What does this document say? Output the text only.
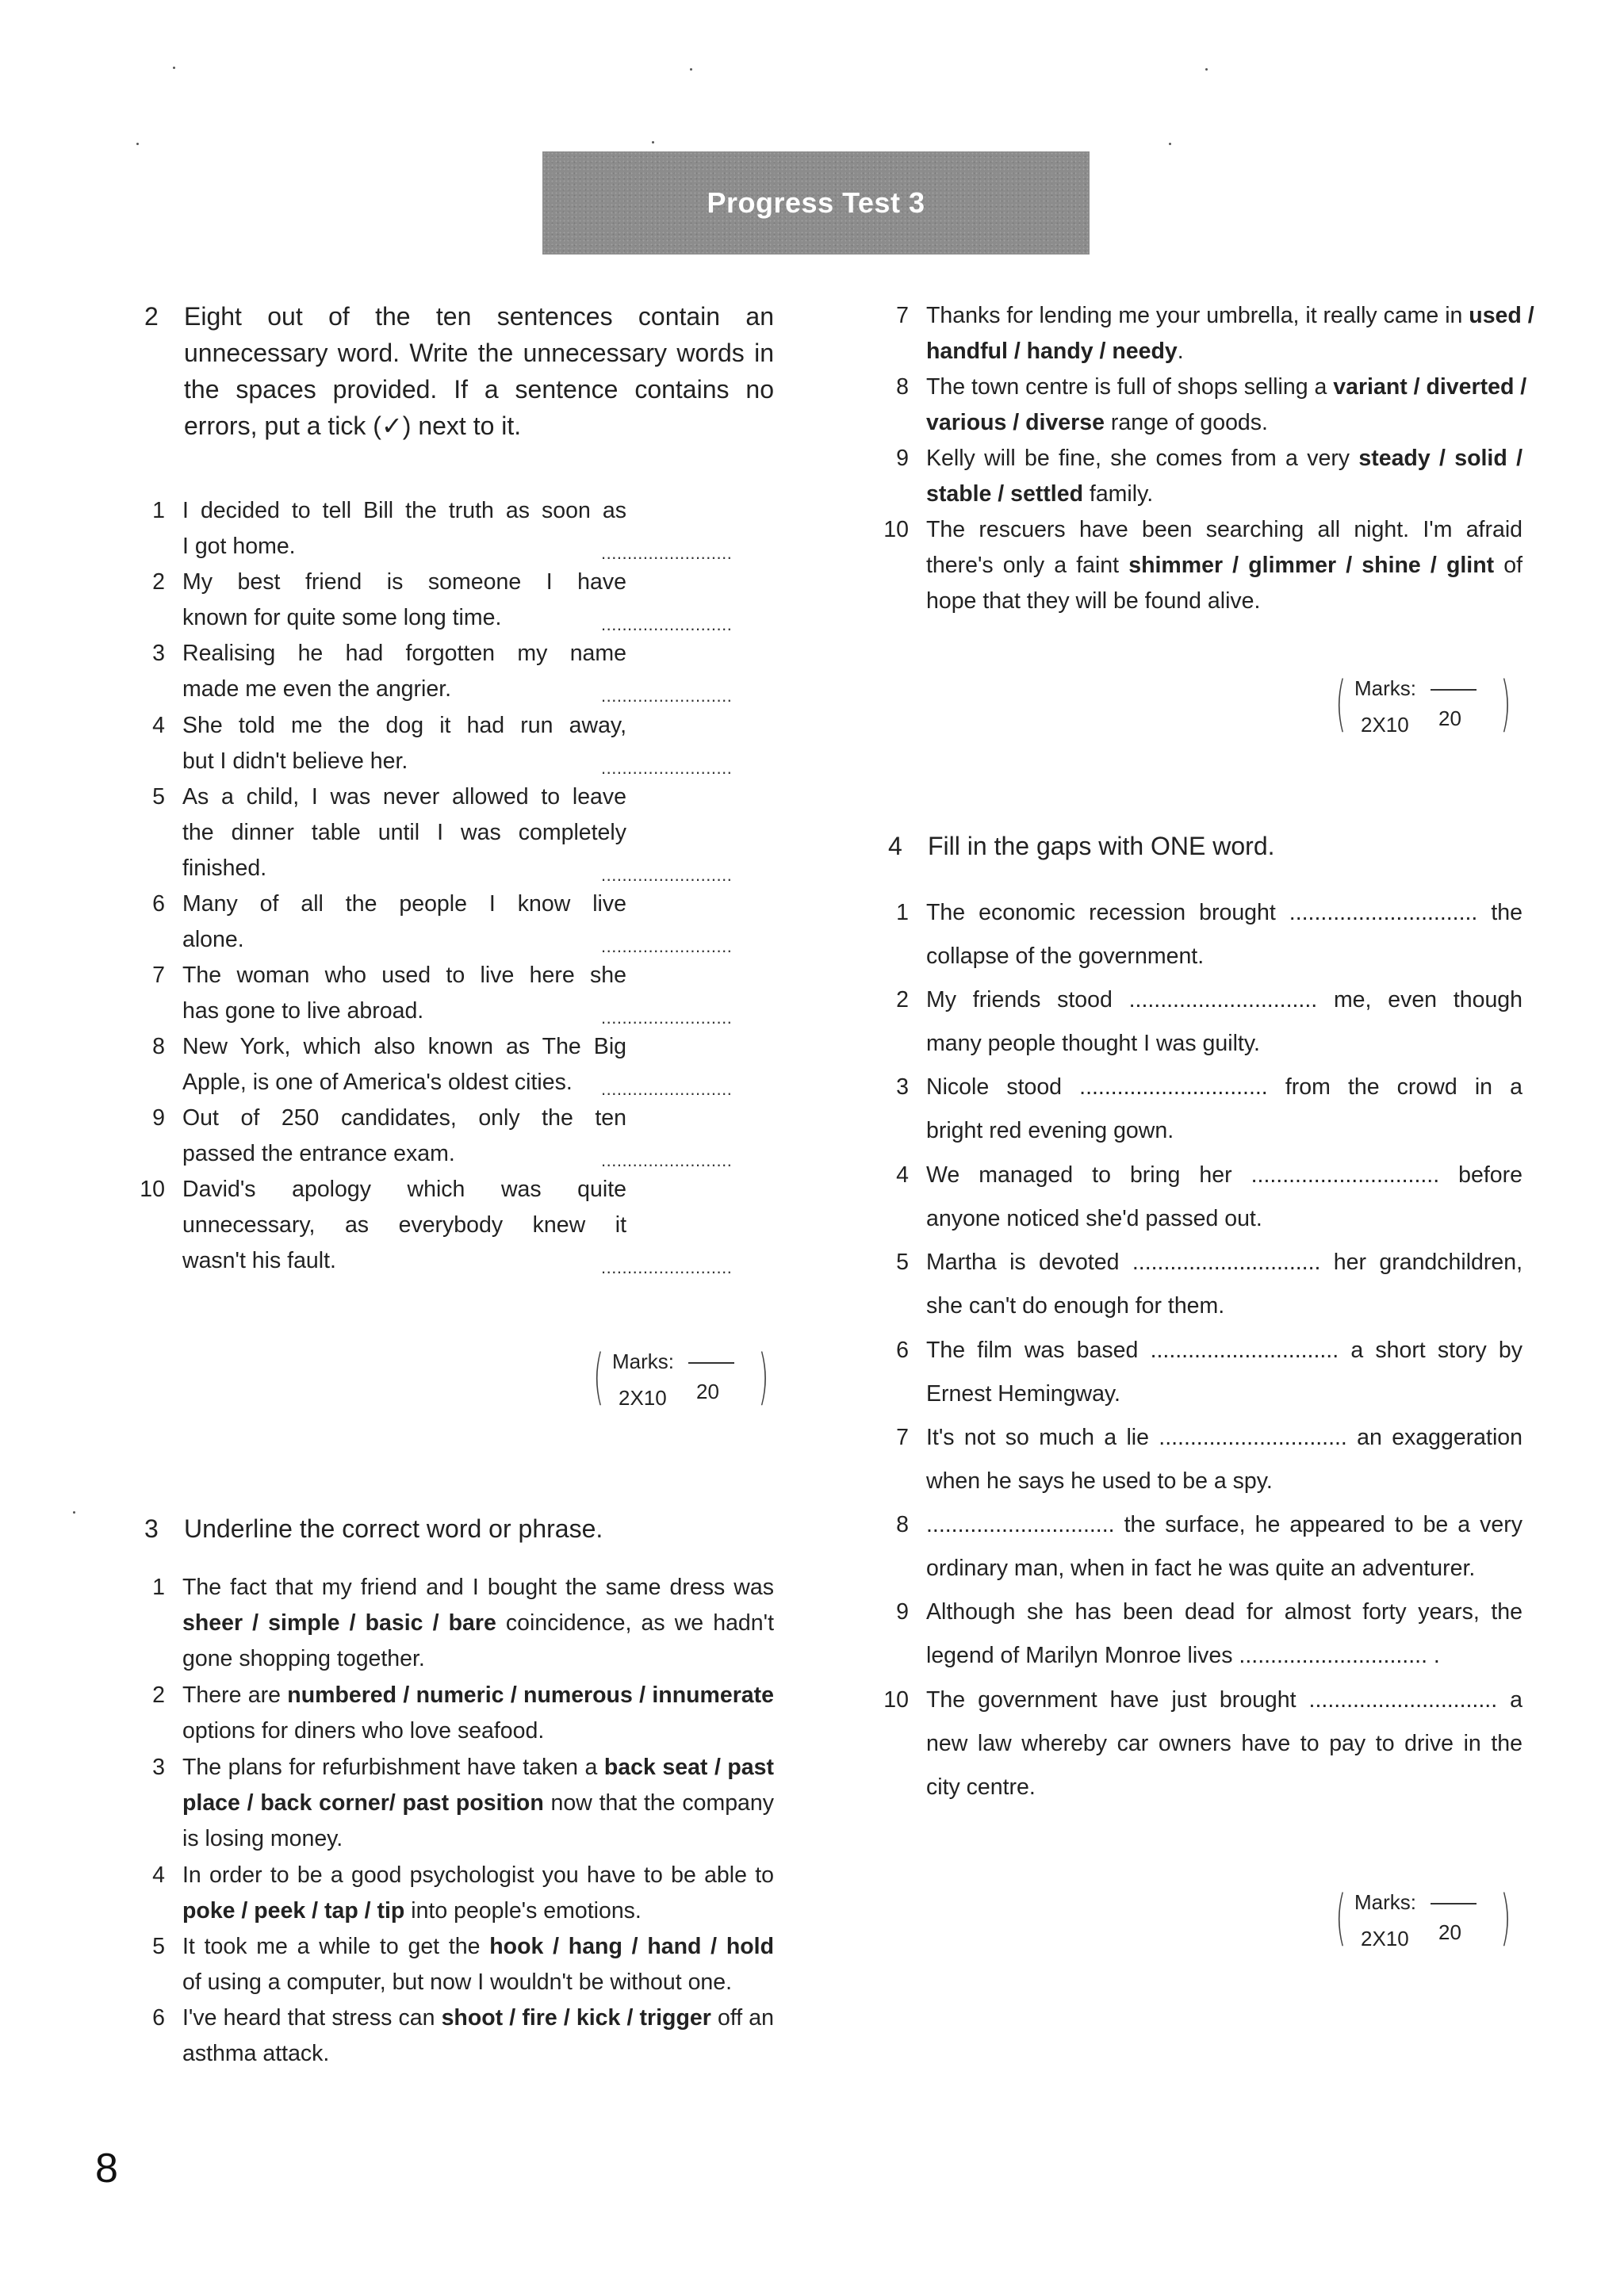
Progress Test 3
2 Eight out of the ten sentences contain an unnecessary word. Write the unnecessary words in the spaces provided. If a sentence contains no errors, put a tick (✓) next to it.
1 I decided to tell Bill the truth as soon as
I got home.	.........................
2 My best friend is someone I have
known for quite some long time.	.........................
3 Realising he had forgotten my name
made me even the angrier.	.........................
4 She told me the dog it had run away,
but I didn't believe her.	.........................
5 As a child, I was never allowed to leave
the dinner table until I was completely
finished.	.........................
6 Many of all the people I know live
alone.	.........................
7 The woman who used to live here she
has gone to live abroad.	.........................
8 New York, which also known as The Big
Apple, is one of America's oldest cities.	.........................
9 Out of 250 candidates, only the ten
passed the entrance exam.	.........................
10 David's apology which was quite
unnecessary, as everybody knew it
wasn't his fault.	.........................
1 The fact that my friend and I bought the same dress was
sheer / simple / basic / bare coincidence, as we hadn't
gone shopping together.
2 There are numbered / numeric / numerous / innumerate
options for diners who love seafood.
3 The plans for refurbishment have taken a back seat / past
place / back corner/ past position now that the company
is losing money.
4 In order to be a good psychologist you have to be able to
poke / peek / tap / tip into people's emotions.
5 It took me a while to get the hook / hang / hand / hold
of using a computer, but now I wouldn't be without one.
6 I've heard that stress can shoot / fire / kick / trigger off an
asthma attack.
7 Thanks for lending me your umbrella, it really came in used /
handful / handy / needy.
8 The town centre is full of shops selling a variant / diverted /
various / diverse range of goods.
9 Kelly will be fine, she comes from a very steady / solid /
stable / settled family.
10 The rescuers have been searching all night. I'm afraid
there's only a faint shimmer / glimmer / shine / glint of
hope that they will be found alive.
1 The economic recession brought .............................. the
collapse of the government.
2 My friends stood .............................. me, even though
many people thought I was guilty.
3 Nicole stood .............................. from the crowd in a
bright red evening gown.
4 We managed to bring her .............................. before
anyone noticed she'd passed out.
5 Martha is devoted .............................. her grandchildren,
she can't do enough for them.
6 The film was based .............................. a short story by
Ernest Hemingway.
7 It's not so much a lie .............................. an exaggeration
when he says he used to be a spy.
8 .............................. the surface, he appeared to be a very
ordinary man, when in fact he was quite an adventurer.
9 Although she has been dead for almost forty years, the
legend of Marilyn Monroe lives .............................. .
10 The government have just brought .............................. a
new law whereby car owners have to pay to drive in the
city centre.
3 Underline the correct word or phrase.
4 Fill in the gaps with ONE word.
( Marks:
2X10 20 )
( Marks:
2X10 20 )
( Marks:
2X10 20 )
8
